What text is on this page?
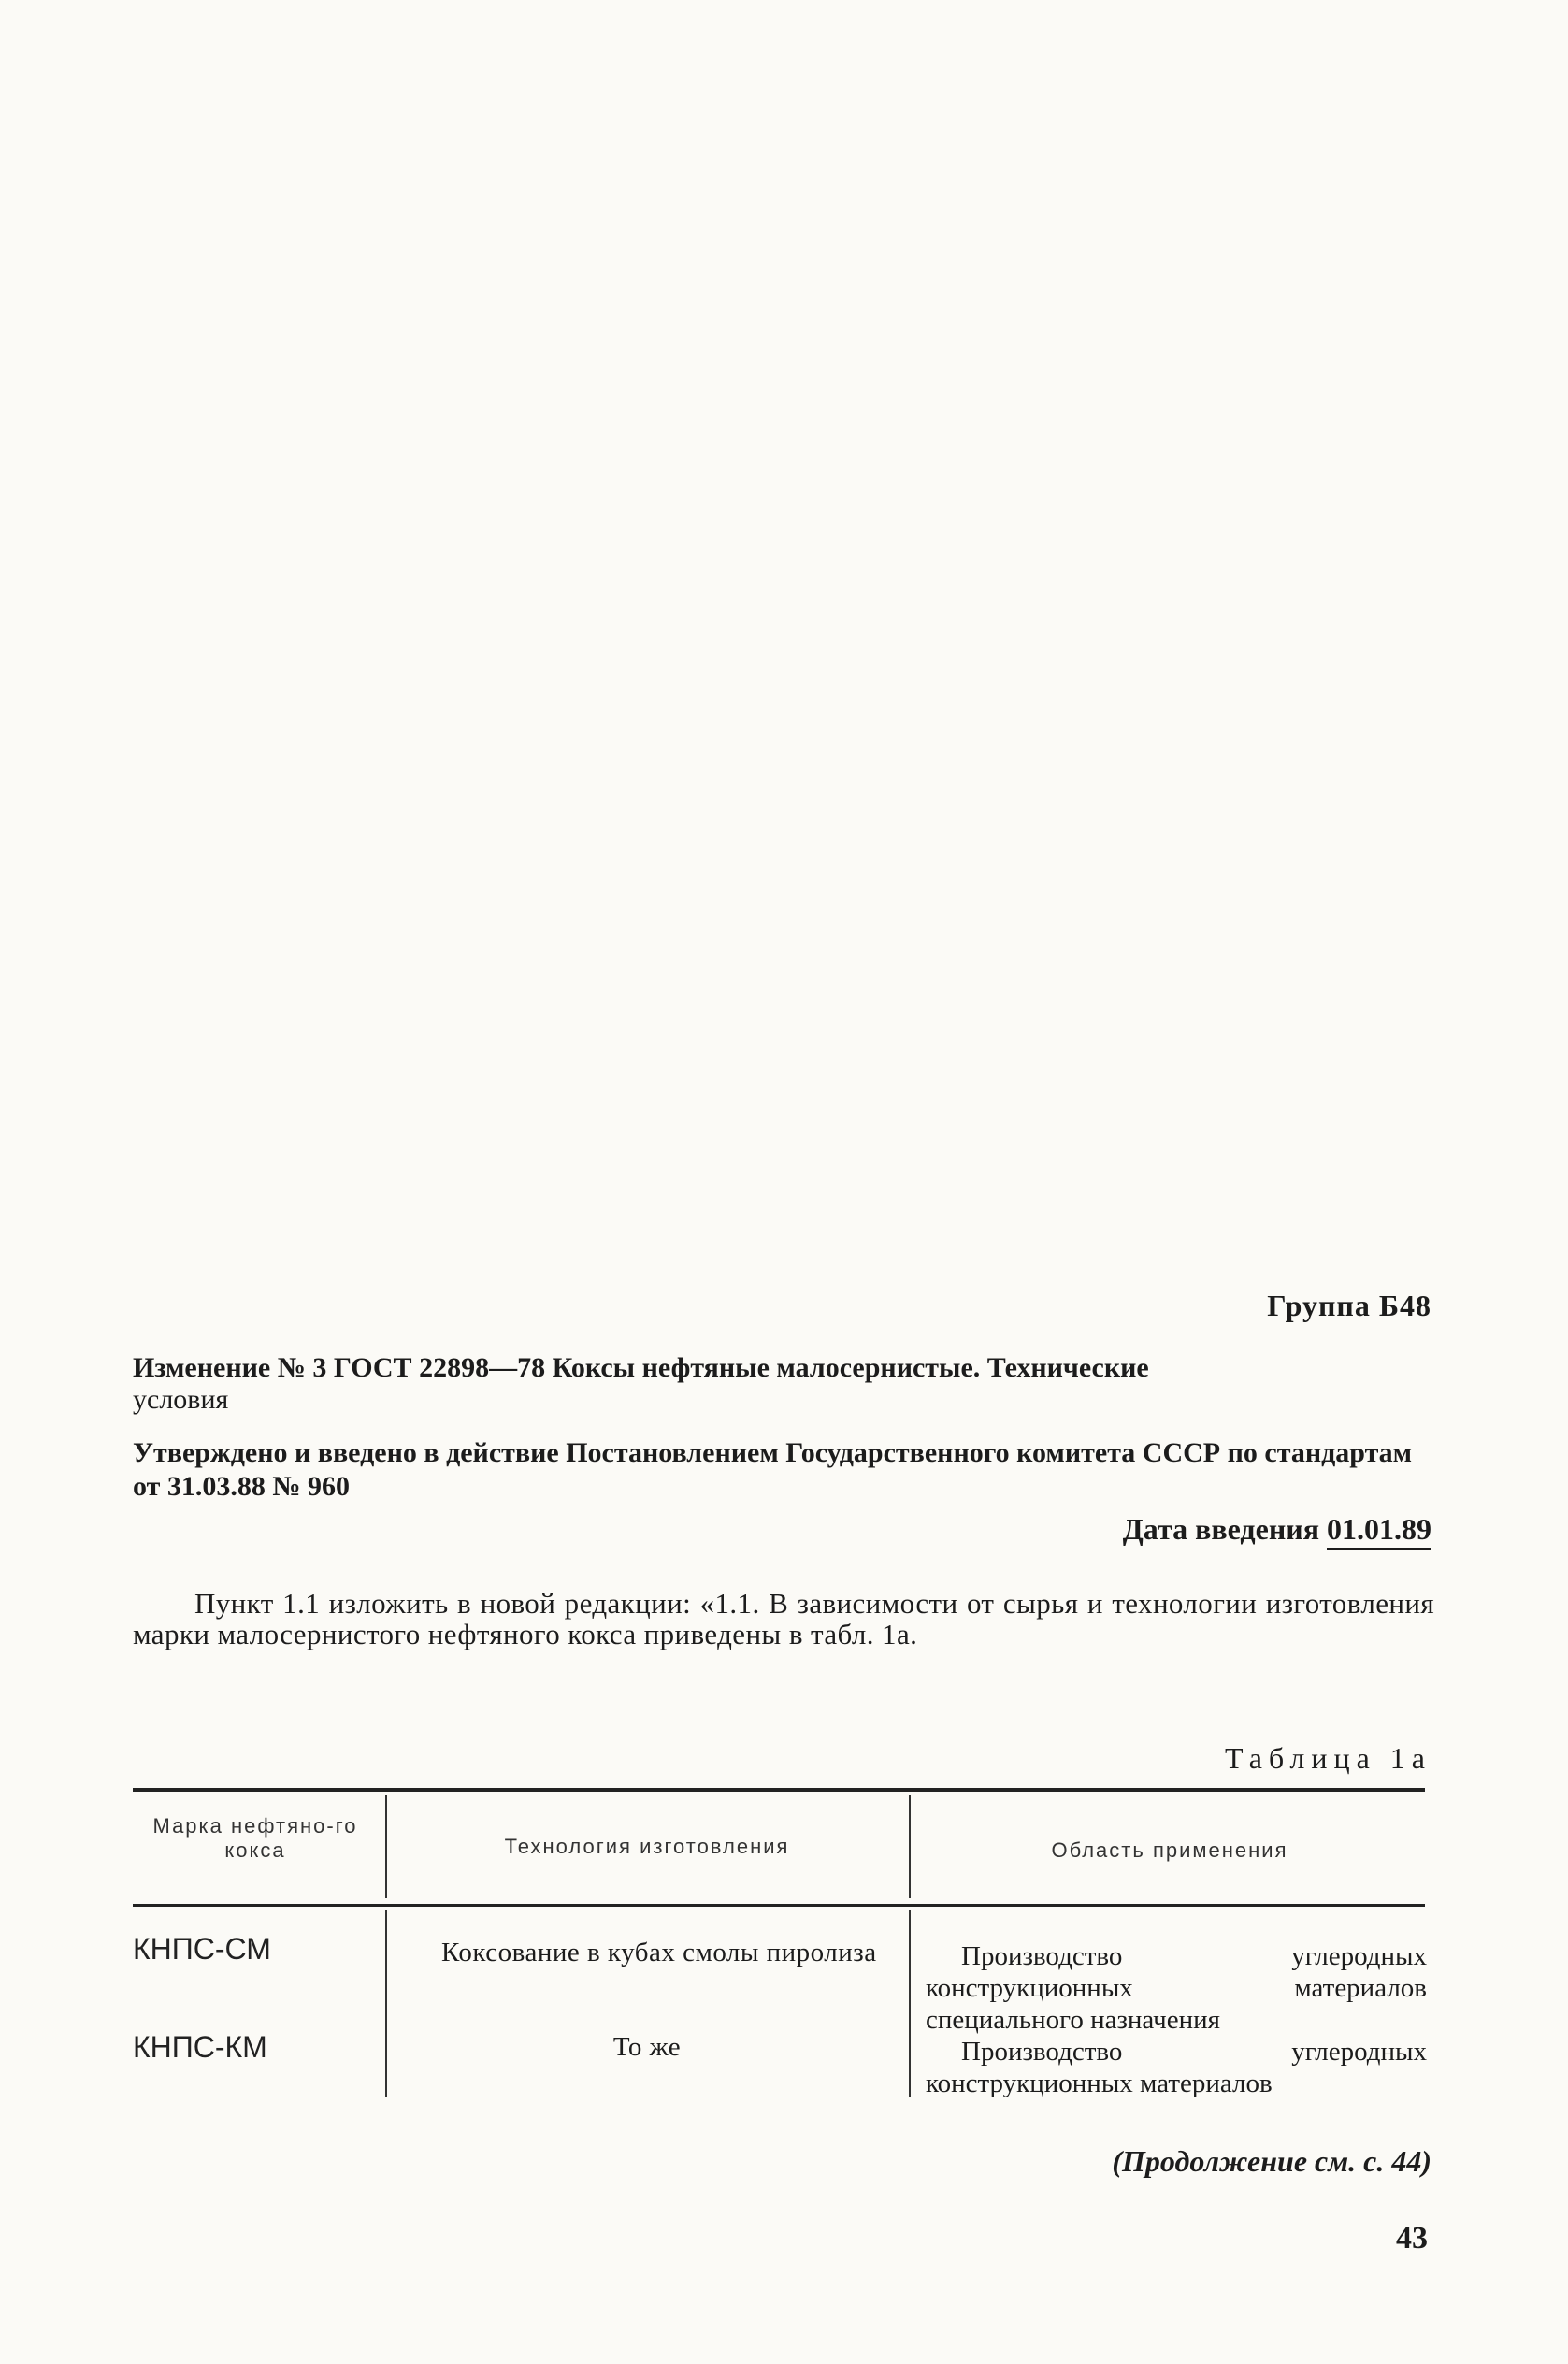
Группа Б48
Изменение № 3 ГОСТ 22898—78 Коксы нефтяные малосернистые. Технические
условия
Утверждено и введено в действие Постановлением Государственного комитета СССР по стандартам от 31.03.88 № 960
Дата введения 01.01.89
Пункт 1.1 изложить в новой редакции: «1.1. В зависимости от сырья и технологии изготовления марки малосернистого нефтяного кокса приведены в табл. 1а.
Таблица 1а
Марка нефтяно-го кокса	Технология изготовления	Область применения
КНПС-СМ	Коксование в кубах смолы пиролиза	Производство углеродных конструкционных материалов специального назначения
КНПС-КМ	То же	Производство углеродных конструкционных материалов
(Продолжение см. с. 44)
43
